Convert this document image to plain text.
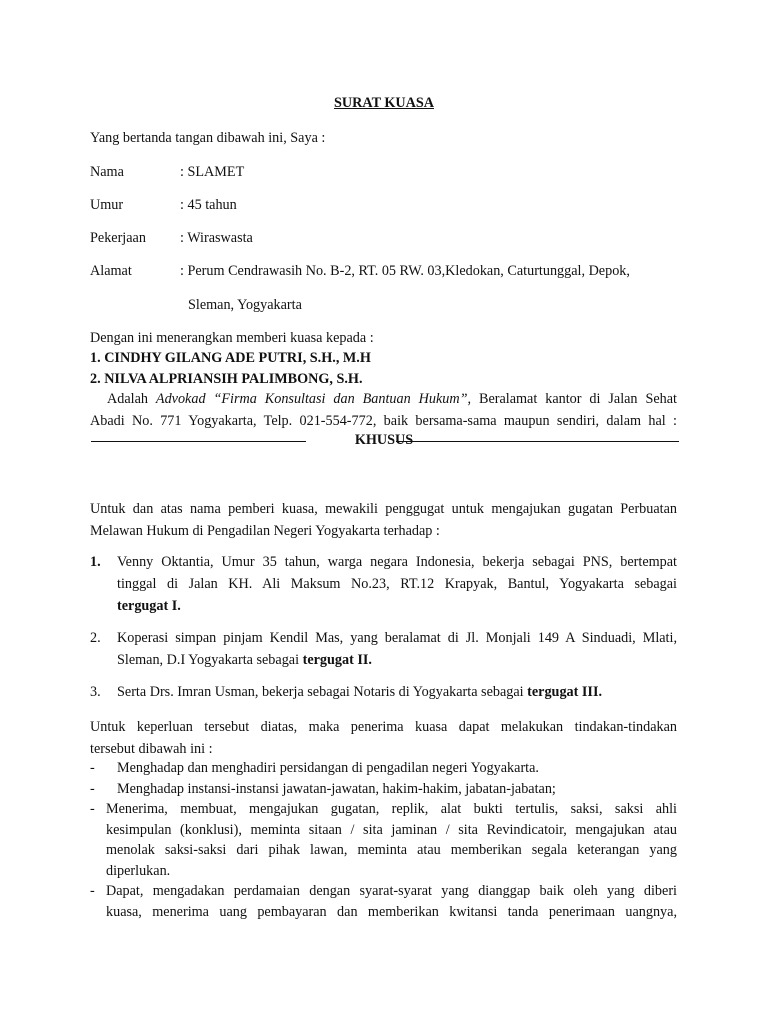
SURAT KUASA
Yang bertanda tangan dibawah ini, Saya :
Nama	: SLAMET
Umur	: 45 tahun
Pekerjaan : Wiraswasta
Alamat	: Perum Cendrawasih No. B-2, RT. 05 RW. 03,Kledokan, Caturtunggal, Depok,
Sleman, Yogyakarta
Dengan ini menerangkan memberi kuasa kepada :
1. CINDHY GILANG ADE PUTRI, S.H., M.H
2. NILVA ALPRIANSIH PALIMBONG, S.H.
Adalah Advokad “Firma Konsultasi dan Bantuan Hukum”, Beralamat kantor di Jalan Sehat
Abadi No. 771 Yogyakarta, Telp. 021-554-772, baik bersama-sama maupun sendiri, dalam hal :
KHUSUS
Untuk dan atas nama pemberi kuasa, mewakili penggugat untuk mengajukan gugatan Perbuatan
Melawan Hukum di Pengadilan Negeri Yogyakarta terhadap :
1. Venny Oktantia, Umur 35 tahun, warga negara Indonesia, bekerja sebagai PNS, bertempat
tinggal di Jalan KH. Ali Maksum No.23, RT.12 Krapyak, Bantul, Yogyakarta sebagai
tergugat I.
2. Koperasi simpan pinjam Kendil Mas, yang beralamat di Jl. Monjali 149 A Sinduadi, Mlati,
Sleman, D.I Yogyakarta sebagai tergugat II.
3. Serta Drs. Imran Usman, bekerja sebagai Notaris di Yogyakarta sebagai tergugat III.
Untuk keperluan tersebut diatas, maka penerima kuasa dapat melakukan tindakan-tindakan
tersebut dibawah ini :
- Menghadap dan menghadiri persidangan di pengadilan negeri Yogyakarta.
- Menghadap instansi-instansi jawatan-jawatan, hakim-hakim, jabatan-jabatan;
- Menerima, membuat, mengajukan gugatan, replik, alat bukti tertulis, saksi, saksi ahli
kesimpulan (konklusi), meminta sitaan / sita jaminan / sita Revindicatoir, mengajukan atau
menolak saksi-saksi dari pihak lawan, meminta atau memberikan segala keterangan yang
diperlukan.
- Dapat, mengadakan perdamaian dengan syarat-syarat yang dianggap baik oleh yang diberi
kuasa, menerima uang pembayaran dan memberikan kwitansi tanda penerimaan uangnya,
